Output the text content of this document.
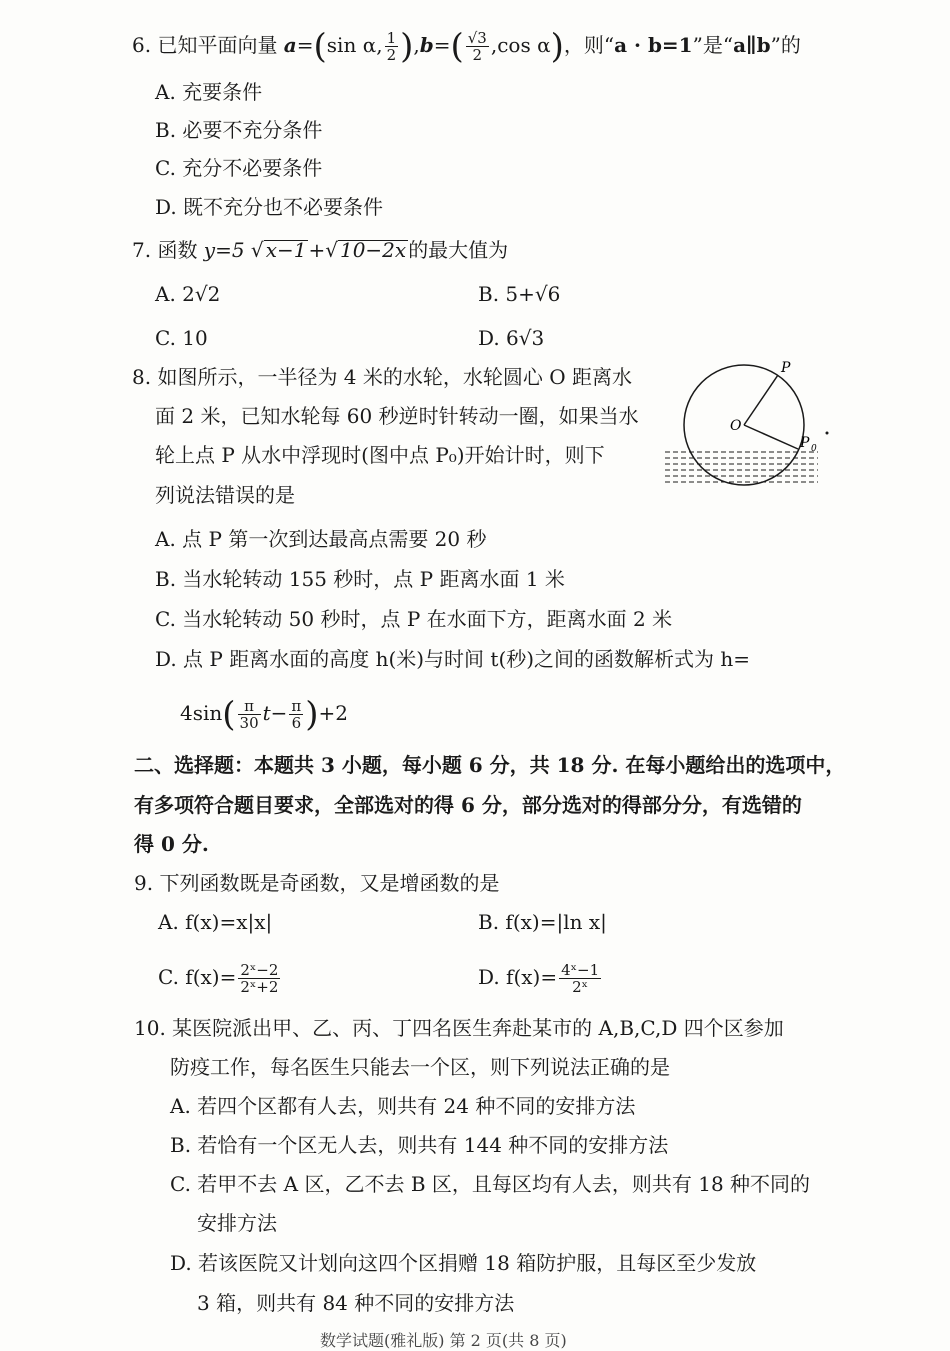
6. 已知平面向量 a=(sin α, $\frac{1}{2} ),b=( \frac{√3}{2} ,\cos$ α)，则“a · b=1”是“a∥b”的
A. 充要条件
B. 必要不充分条件
C. 充分不必要条件
D. 既不充分也不必要条件
7. 函数 y=5 √ x−1 +√ 10−2x 的最大值为
A. 2√2	B. 5+√6
C. 10	D. 6√3
8. 如图所示，一半径为 4 米的水轮，水轮圆心 O 距离水
面 2 米，已知水轮每 60 秒逆时针转动一圈，如果当水
轮上点 P 从水中浮现时(图中点 P₀)开始计时，则下
列说法错误的是
P
O
P 0
A. 点 P 第一次到达最高点需要 20 秒
B. 当水轮转动 155 秒时，点 P 距离水面 1 米
C. 当水轮转动 50 秒时，点 P 在水面下方，距离水面 2 米
D. 点 P 距离水面的高度 h(米)与时间 t(秒)之间的函数解析式为 h=
$4\sin( \frac{\pi}{30} t- \frac{\pi}{6} )+2$
二、选择题：本题共 3 小题，每小题 6 分，共 18 分. 在每小题给出的选项中，
有多项符合题目要求，全部选对的得 6 分，部分选对的得部分分，有选错的
得 0 分.
9. 下列函数既是奇函数，又是增函数的是
A. f(x)=x|x|	B. f(x)=|ln x|
C. $f(x)= \frac{\text{2ˣ−2}}{\text{2ˣ+2}}$	D. $f(x)= \frac{\text{4ˣ−1}}{\text{2ˣ}}$
10. 某医院派出甲、乙、丙、丁四名医生奔赴某市的 A,B,C,D 四个区参加
防疫工作，每名医生只能去一个区，则下列说法正确的是
A. 若四个区都有人去，则共有 24 种不同的安排方法
B. 若恰有一个区无人去，则共有 144 种不同的安排方法
C. 若甲不去 A 区，乙不去 B 区，且每区均有人去，则共有 18 种不同的
安排方法
D. 若该医院又计划向这四个区捐赠 18 箱防护服，且每区至少发放
3 箱，则共有 84 种不同的安排方法
数学试题(雅礼版) 第 2 页(共 8 页)
